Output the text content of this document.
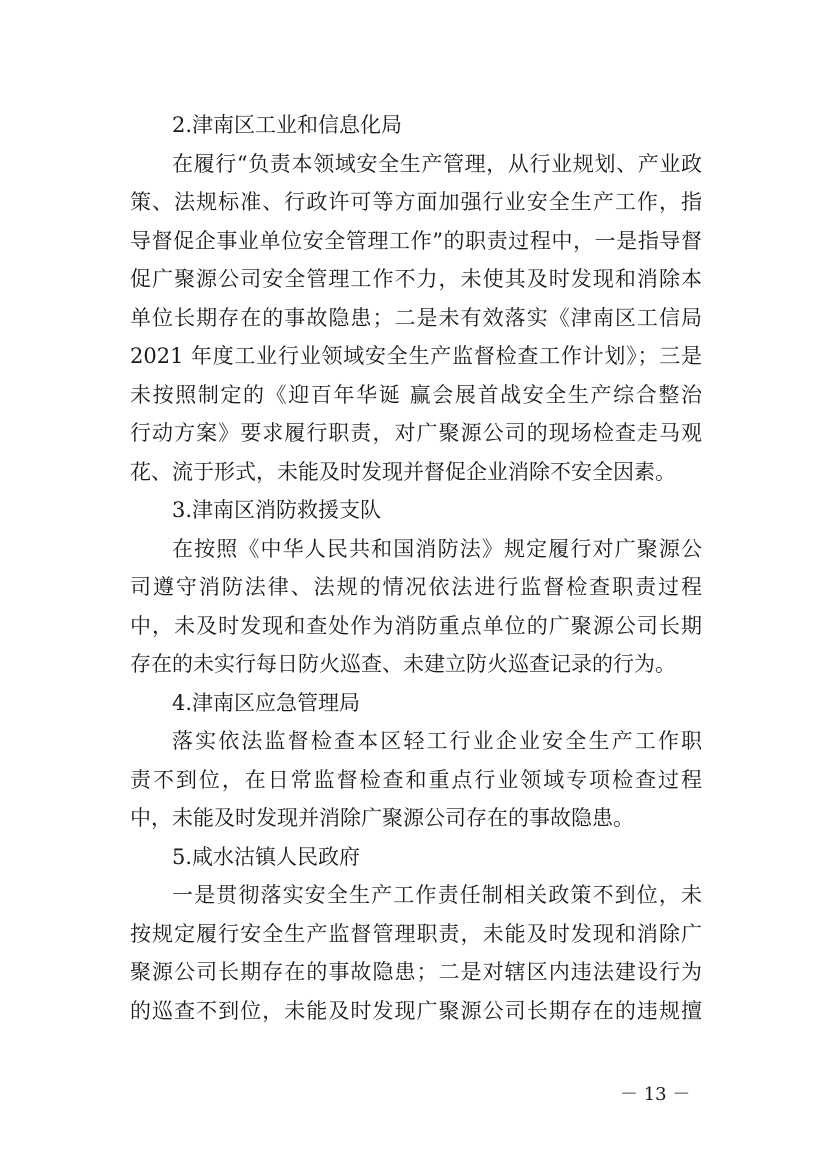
2.津南区工业和信息化局
在履行“负责本领域安全生产管理，从行业规划、产业政
策、法规标准、行政许可等方面加强行业安全生产工作，指
导督促企事业单位安全管理工作”的职责过程中，一是指导督
促广聚源公司安全管理工作不力，未使其及时发现和消除本
单位长期存在的事故隐患；二是未有效落实《津南区工信局
2021 年度工业行业领域安全生产监督检查工作计划》；三是
未按照制定的《迎百年华诞 赢会展首战安全生产综合整治
行动方案》要求履行职责，对广聚源公司的现场检查走马观
花、流于形式，未能及时发现并督促企业消除不安全因素。
3.津南区消防救援支队
在按照《中华人民共和国消防法》规定履行对广聚源公
司遵守消防法律、法规的情况依法进行监督检查职责过程
中，未及时发现和查处作为消防重点单位的广聚源公司长期
存在的未实行每日防火巡查、未建立防火巡查记录的行为。
4.津南区应急管理局
落实依法监督检查本区轻工行业企业安全生产工作职
责不到位，在日常监督检查和重点行业领域专项检查过程
中，未能及时发现并消除广聚源公司存在的事故隐患。
5.咸水沽镇人民政府
一是贯彻落实安全生产工作责任制相关政策不到位，未
按规定履行安全生产监督管理职责，未能及时发现和消除广
聚源公司长期存在的事故隐患；二是对辖区内违法建设行为
的巡查不到位，未能及时发现广聚源公司长期存在的违规擅
－ 13 －
